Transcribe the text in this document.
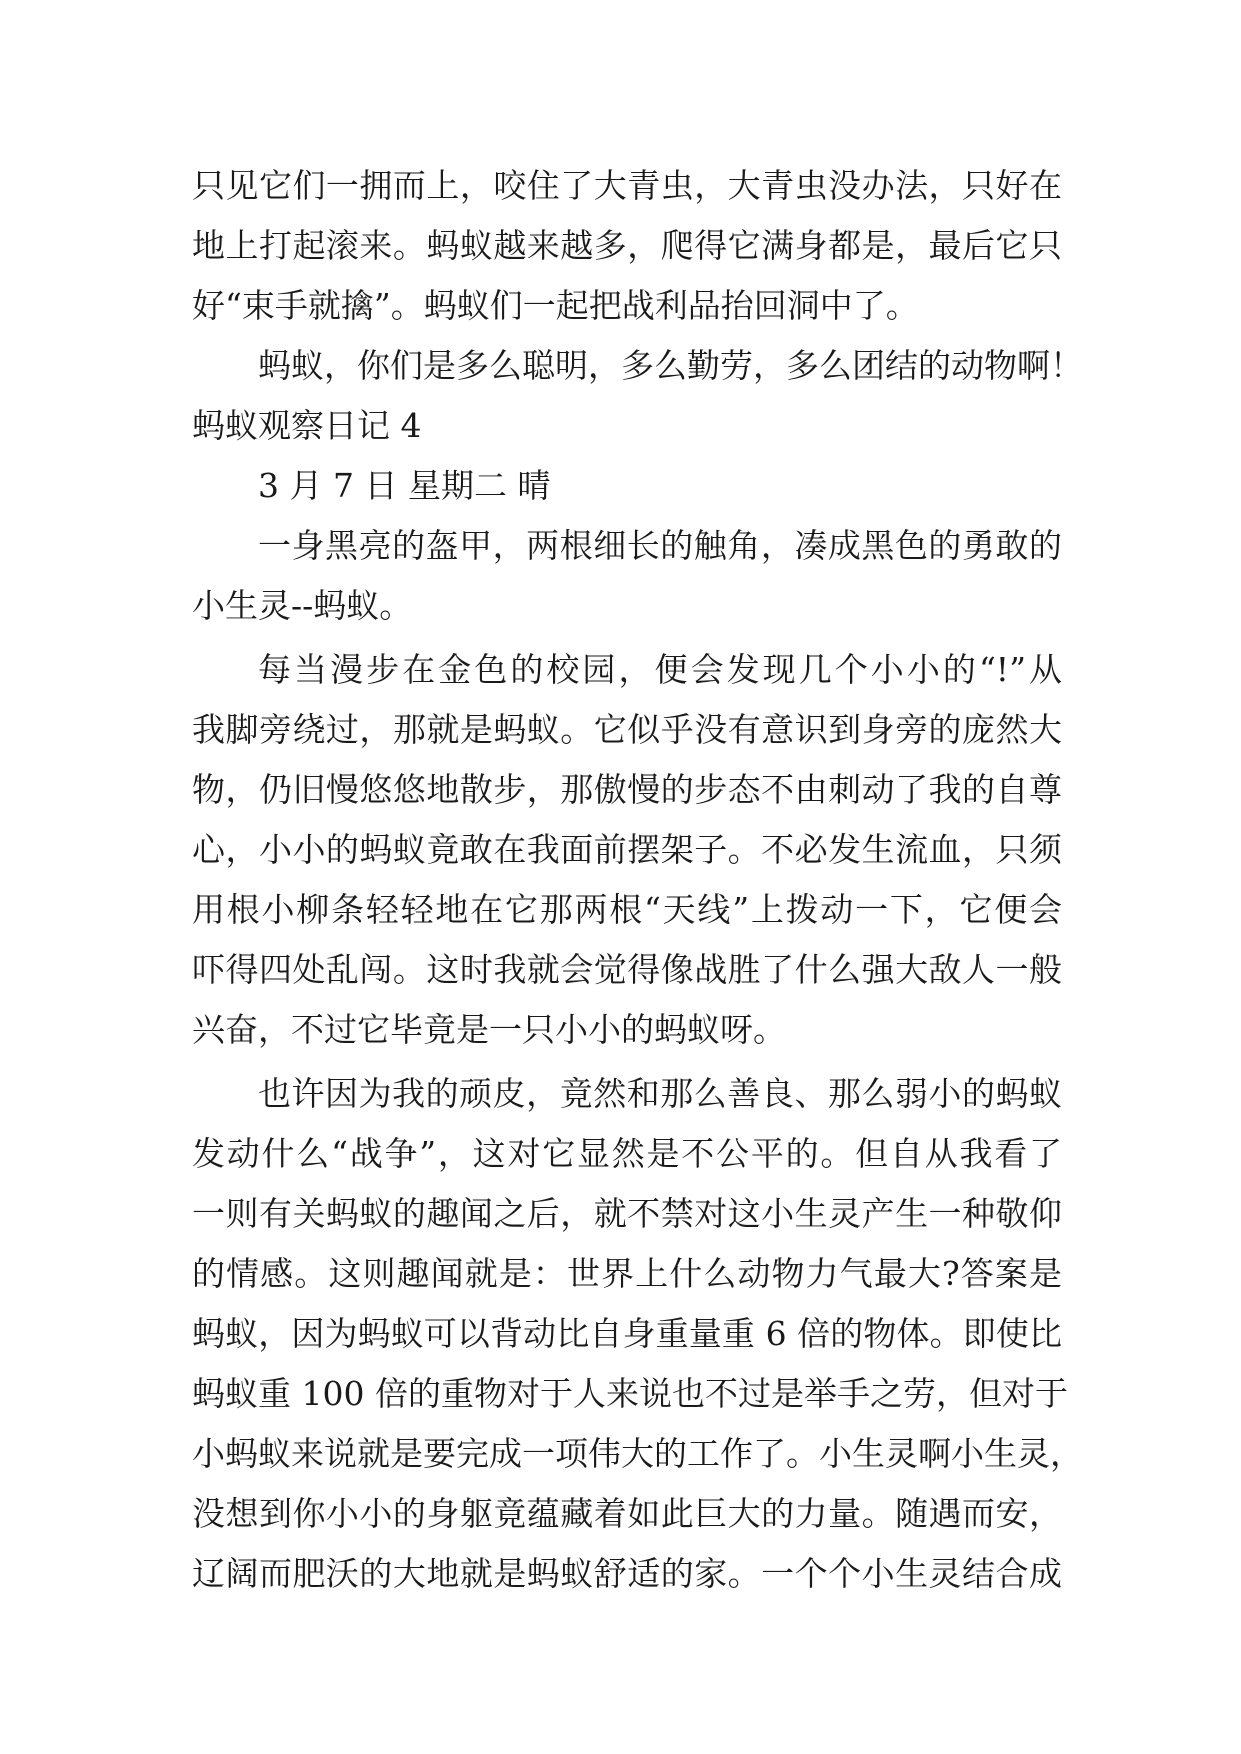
只见它们一拥而上，咬住了大青虫，大青虫没办法，只好在
地上打起滚来。蚂蚁越来越多，爬得它满身都是，最后它只
好“束手就擒”。蚂蚁们一起把战利品抬回洞中了。
蚂蚁，你们是多么聪明，多么勤劳，多么团结的动物啊！
蚂蚁观察日记 4
3 月 7 日 星期二 晴
一身黑亮的盔甲，两根细长的触角，凑成黑色的勇敢的
小生灵--蚂蚁。
每当漫步在金色的校园，便会发现几个小小的“!”从
我脚旁绕过，那就是蚂蚁。它似乎没有意识到身旁的庞然大
物，仍旧慢悠悠地散步，那傲慢的步态不由刺动了我的自尊
心，小小的蚂蚁竟敢在我面前摆架子。不必发生流血，只须
用根小柳条轻轻地在它那两根“天线”上拨动一下，它便会
吓得四处乱闯。这时我就会觉得像战胜了什么强大敌人一般
兴奋，不过它毕竟是一只小小的蚂蚁呀。
也许因为我的顽皮，竟然和那么善良、那么弱小的蚂蚁
发动什么“战争”，这对它显然是不公平的。但自从我看了
一则有关蚂蚁的趣闻之后，就不禁对这小生灵产生一种敬仰
的情感。这则趣闻就是：世界上什么动物力气最大?答案是
蚂蚁，因为蚂蚁可以背动比自身重量重 6 倍的物体。即使比
蚂蚁重 100 倍的重物对于人来说也不过是举手之劳，但对于
小蚂蚁来说就是要完成一项伟大的工作了。小生灵啊小生灵，
没想到你小小的身躯竟蕴藏着如此巨大的力量。随遇而安，
辽阔而肥沃的大地就是蚂蚁舒适的家。一个个小生灵结合成
